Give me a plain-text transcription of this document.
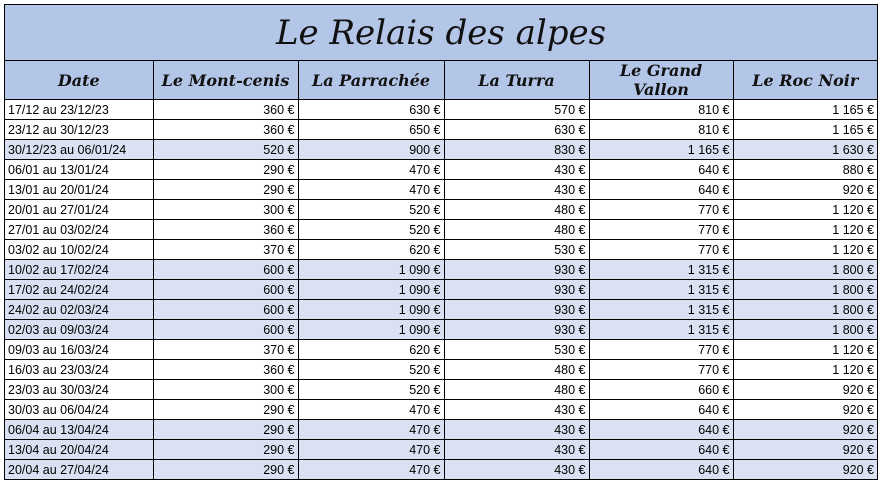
Le Relais des alpes
Date	Le Mont-cenis	La Parrachée	La Turra	Le Grand Vallon	Le Roc Noir
17/12 au 23/12/23	360 €	630 €	570 €	810 €	1 165 €
23/12 au 30/12/23	360 €	650 €	630 €	810 €	1 165 €
30/12/23 au 06/01/24	520 €	900 €	830 €	1 165 €	1 630 €
06/01 au 13/01/24	290 €	470 €	430 €	640 €	880 €
13/01 au 20/01/24	290 €	470 €	430 €	640 €	920 €
20/01 au 27/01/24	300 €	520 €	480 €	770 €	1 120 €
27/01 au 03/02/24	360 €	520 €	480 €	770 €	1 120 €
03/02 au 10/02/24	370 €	620 €	530 €	770 €	1 120 €
10/02 au 17/02/24	600 €	1 090 €	930 €	1 315 €	1 800 €
17/02 au 24/02/24	600 €	1 090 €	930 €	1 315 €	1 800 €
24/02 au 02/03/24	600 €	1 090 €	930 €	1 315 €	1 800 €
02/03 au 09/03/24	600 €	1 090 €	930 €	1 315 €	1 800 €
09/03 au 16/03/24	370 €	620 €	530 €	770 €	1 120 €
16/03 au 23/03/24	360 €	520 €	480 €	770 €	1 120 €
23/03 au 30/03/24	300 €	520 €	480 €	660 €	920 €
30/03 au 06/04/24	290 €	470 €	430 €	640 €	920 €
06/04 au 13/04/24	290 €	470 €	430 €	640 €	920 €
13/04 au 20/04/24	290 €	470 €	430 €	640 €	920 €
20/04 au 27/04/24	290 €	470 €	430 €	640 €	920 €
